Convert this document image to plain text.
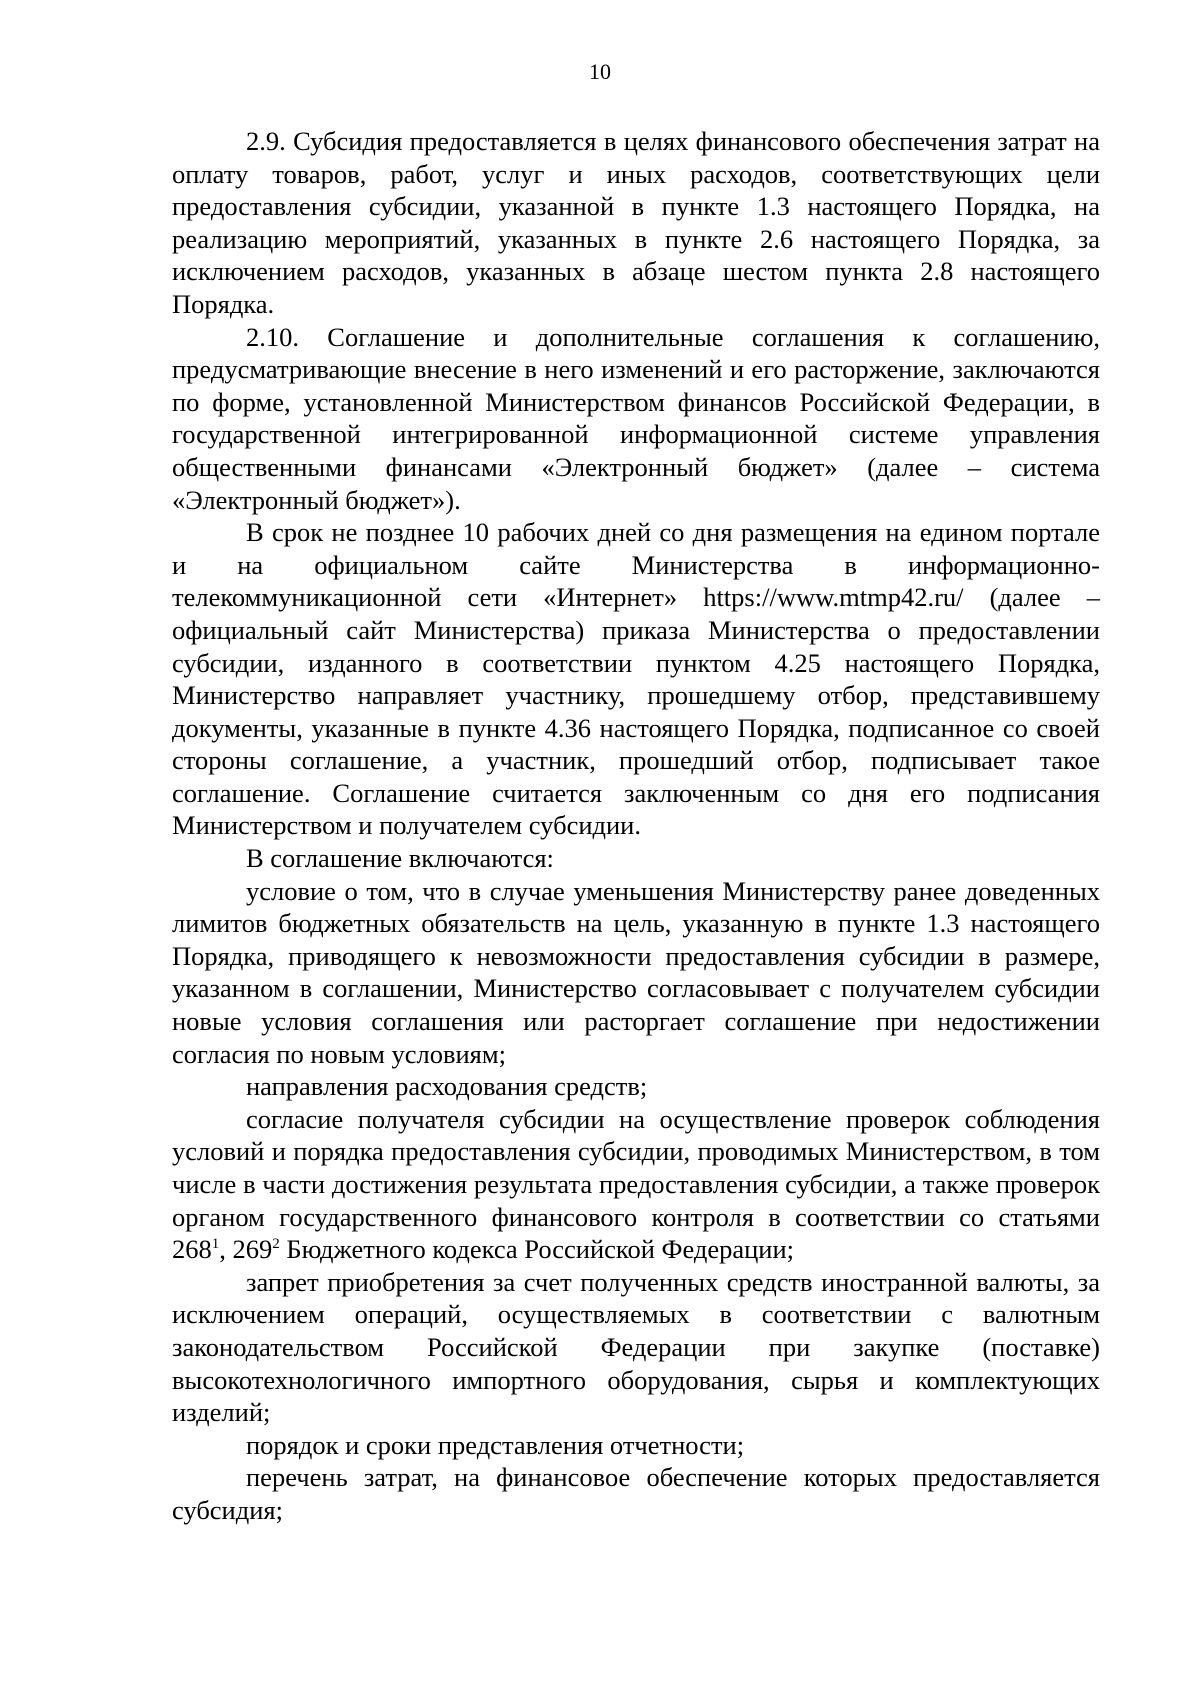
10

2.9. Субсидия предоставляется в целях финансового обеспечения затрат на оплату товаров, работ, услуг и иных расходов, соответствующих цели предоставления субсидии, указанной в пункте 1.3 настоящего Порядка, на реализацию мероприятий, указанных в пункте 2.6 настоящего Порядка, за исключением расходов, указанных в абзаце шестом пункта 2.8 настоящего Порядка.

2.10. Соглашение и дополнительные соглашения к соглашению, предусматривающие внесение в него изменений и его расторжение, заключаются по форме, установленной Министерством финансов Российской Федерации, в государственной интегрированной информационной системе управления общественными финансами «Электронный бюджет» (далее – система «Электронный бюджет»).

В срок не позднее 10 рабочих дней со дня размещения на едином портале и на официальном сайте Министерства в информационно-телекоммуникационной сети «Интернет» https://www.mtmp42.ru/ (далее – официальный сайт Министерства) приказа Министерства о предоставлении субсидии, изданного в соответствии пунктом 4.25 настоящего Порядка, Министерство направляет участнику, прошедшему отбор, представившему документы, указанные в пункте 4.36 настоящего Порядка, подписанное со своей стороны соглашение, а участник, прошедший отбор, подписывает такое соглашение. Соглашение считается заключенным со дня его подписания Министерством и получателем субсидии.

В соглашение включаются:

условие о том, что в случае уменьшения Министерству ранее доведенных лимитов бюджетных обязательств на цель, указанную в пункте 1.3 настоящего Порядка, приводящего к невозможности предоставления субсидии в размере, указанном в соглашении, Министерство согласовывает с получателем субсидии новые условия соглашения или расторгает соглашение при недостижении согласия по новым условиям;

направления расходования средств;

согласие получателя субсидии на осуществление проверок соблюдения условий и порядка предоставления субсидии, проводимых Министерством, в том числе в части достижения результата предоставления субсидии, а также проверок органом государственного финансового контроля в соответствии со статьями $268^1$, $269^2$ Бюджетного кодекса Российской Федерации;

запрет приобретения за счет полученных средств иностранной валюты, за исключением операций, осуществляемых в соответствии с валютным законодательством Российской Федерации при закупке (поставке) высокотехнологичного импортного оборудования, сырья и комплектующих изделий;

порядок и сроки представления отчетности;

перечень затрат, на финансовое обеспечение которых предоставляется субсидия;
